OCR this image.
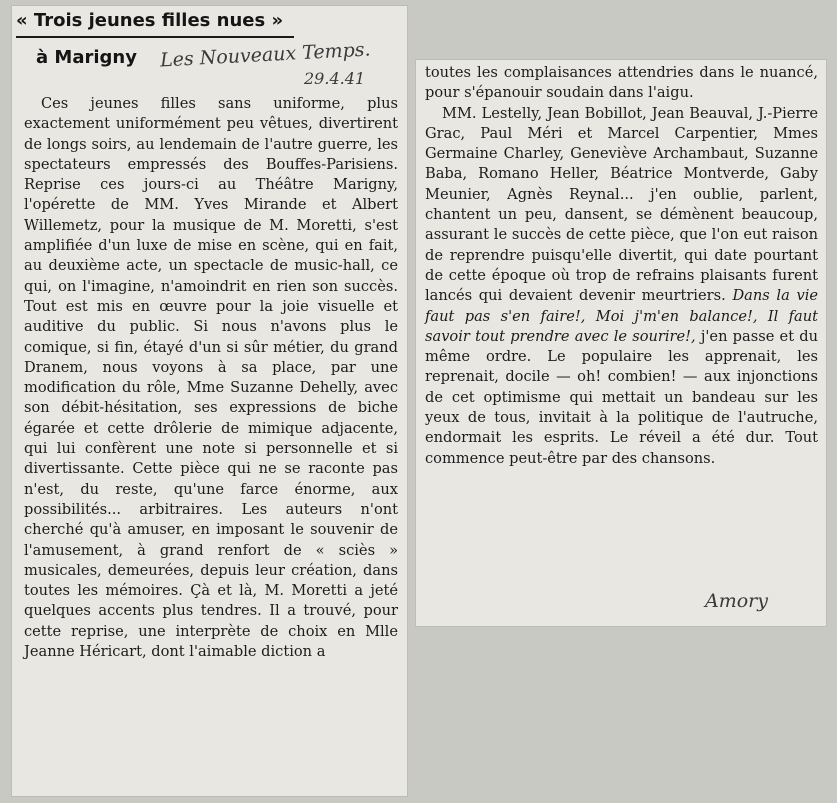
« Trois jeunes filles nues »
à Marigny Les Nouveaux Temps.
29.4.41

Ces jeunes filles sans uniforme, plus exactement uniformément peu vêtues, divertirent de longs soirs, au lendemain de l'autre guerre, les spectateurs empressés des Bouffes-Parisiens. Reprise ces jours-ci au Théâtre Marigny, l'opérette de MM. Yves Mirande et Albert Willemetz, pour la musique de M. Moretti, s'est amplifiée d'un luxe de mise en scène, qui en fait, au deuxième acte, un spectacle de music-hall, ce qui, on l'imagine, n'amoindrit en rien son succès. Tout est mis en œuvre pour la joie visuelle et auditive du public. Si nous n'avons plus le comique, si fin, étayé d'un si sûr métier, du grand Dranem, nous voyons à sa place, par une modification du rôle, Mme Suzanne Dehelly, avec son débit-hésitation, ses expressions de biche égarée et cette drôlerie de mimique adjacente, qui lui confèrent une note si personnelle et si divertissante. Cette pièce qui ne se raconte pas n'est, du reste, qu'une farce énorme, aux possibilités... arbitraires. Les auteurs n'ont cherché qu'à amuser, en imposant le souvenir de l'amusement, à grand renfort de « sciès » musicales, demeurées, depuis leur création, dans toutes les mémoires. Çà et là, M. Moretti a jeté quelques accents plus tendres. Il a trouvé, pour cette reprise, une interprète de choix en Mlle Jeanne Héricart, dont l'aimable diction a

toutes les complaisances attendries dans le nuancé, pour s'épanouir soudain dans l'aigu.

MM. Lestelly, Jean Bobillot, Jean Beauval, J.-Pierre Grac, Paul Méri et Marcel Carpentier, Mmes Germaine Charley, Geneviève Archambaut, Suzanne Baba, Romano Heller, Béatrice Montverde, Gaby Meunier, Agnès Reynal... j'en oublie, parlent, chantent un peu, dansent, se démènent beaucoup, assurant le succès de cette pièce, que l'on eut raison de reprendre puisqu'elle divertit, qui date pourtant de cette époque où trop de refrains plaisants furent lancés qui devaient devenir meurtriers. Dans la vie faut pas s'en faire!, Moi j'm'en balance!, Il faut savoir tout prendre avec le sourire!, j'en passe et du même ordre. Le populaire les apprenait, les reprenait, docile — oh! combien! — aux injonctions de cet optimisme qui mettait un bandeau sur les yeux de tous, invitait à la politique de l'autruche, endormait les esprits. Le réveil a été dur. Tout commence peut-être par des chansons.

Amory
